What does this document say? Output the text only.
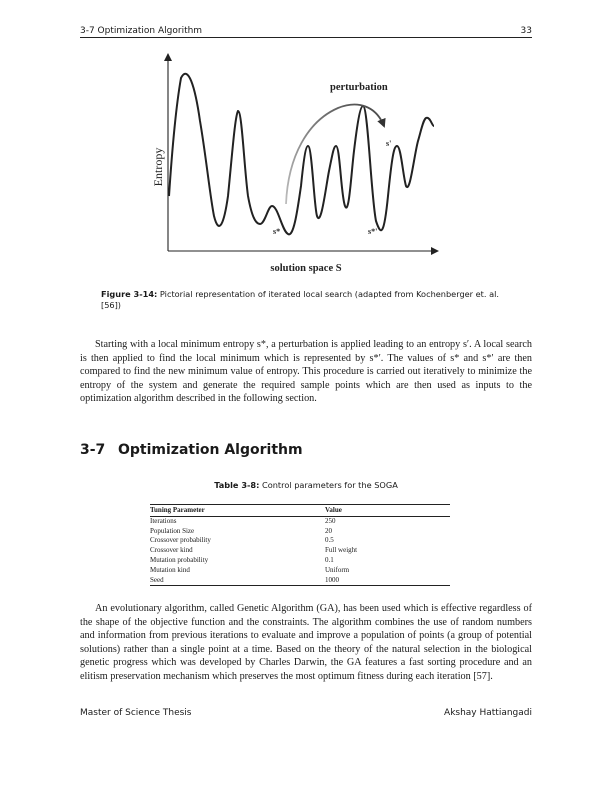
3-7 Optimization Algorithm	33
perturbation
s'
s*	s*'
Entropy
solution space S
Figure 3-14: Pictorial representation of iterated local search (adapted from Kochenberger et. al. [56])
Starting with a local minimum entropy s*, a perturbation is applied leading to an entropy s′. A local search is then applied to find the local minimum which is represented by s*′. The values of s* and s*′ are then compared to find the new minimum value of entropy. This procedure is carried out iteratively to minimize the entropy of the system and generate the required sample points which are then used as inputs to the optimization algorithm described in the following section.
3-7 Optimization Algorithm
Table 3-8: Control parameters for the SOGA
Tuning Parameter	Value
Iterations	250
Population Size	20
Crossover probability	0.5
Crossover kind	Full weight
Mutation probability	0.1
Mutation kind	Uniform
Seed	1000
An evolutionary algorithm, called Genetic Algorithm (GA), has been used which is effective regardless of the shape of the objective function and the constraints. The algorithm combines the use of random numbers and information from previous iterations to evaluate and improve a population of points (a group of potential solutions) rather than a single point at a time. Based on the theory of the natural selection in the biological genetic progress which was developed by Charles Darwin, the GA features a fast sorting procedure and an elitism preservation mechanism which preserves the most optimum fitness during each iteration [57].
Master of Science Thesis	Akshay Hattiangadi
